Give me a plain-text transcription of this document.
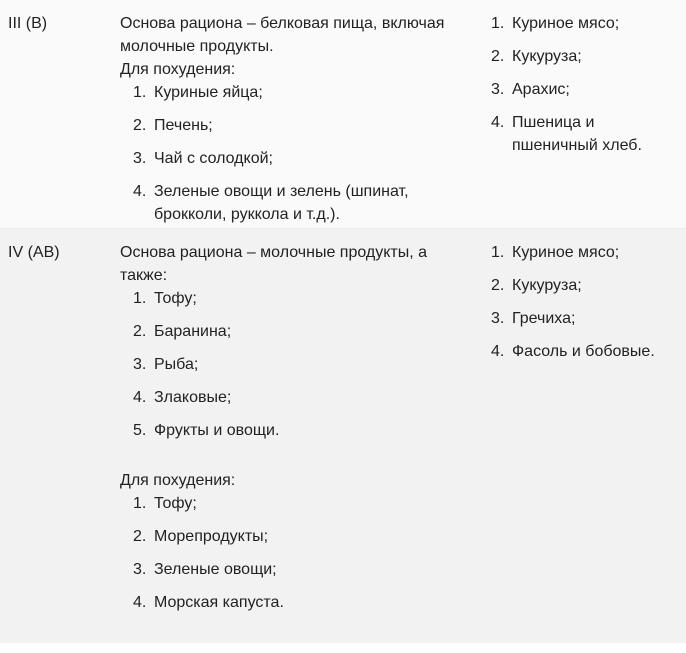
III (B)	Основа рациона – белковая пища, включая молочные продукты.
Для похудения:
1. Куриные яйца;
2. Печень;
3. Чай с солодкой;
4. Зеленые овощи и зелень (шпинат, брокколи, руккола и т.д.).
1. Куриное мясо;
2. Кукуруза;
3. Арахис;
4. Пшеница и пшеничный хлеб.
IV (AB)	Основа рациона – молочные продукты, а также:
1. Тофу;
2. Баранина;
3. Рыба;
4. Злаковые;
5. Фрукты и овощи.
Для похудения:
1. Тофу;
2. Морепродукты;
3. Зеленые овощи;
4. Морская капуста.
1. Куриное мясо;
2. Кукуруза;
3. Гречиха;
4. Фасоль и бобовые.
